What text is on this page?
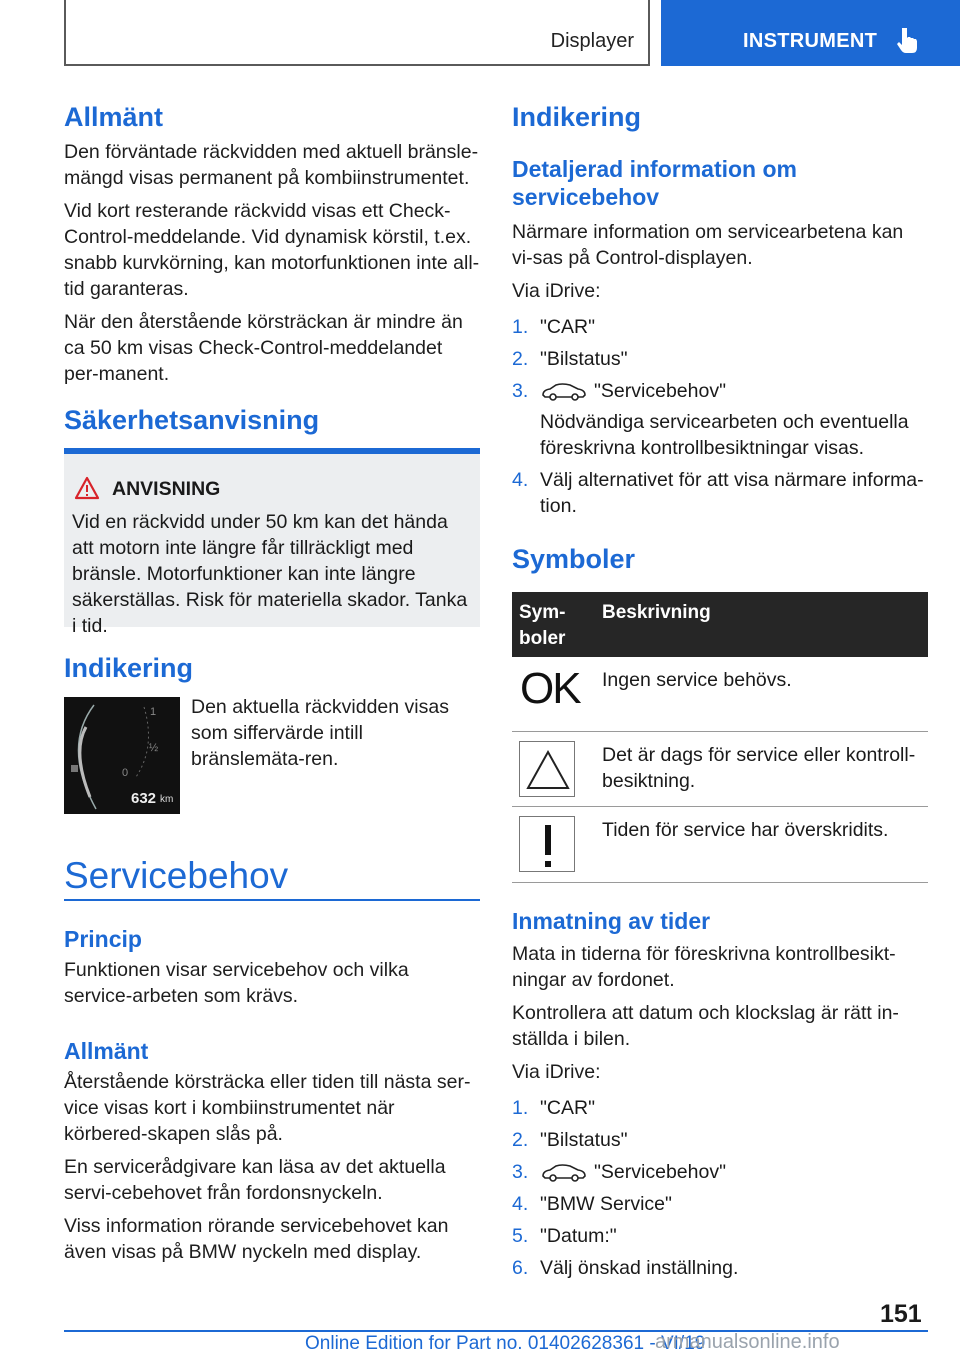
Displayer	INSTRUMENT
Allmänt
Den förväntade räckvidden med aktuell bränsle-mängd visas permanent på kombiinstrumentet.
Vid kort resterande räckvidd visas ett Check-Control-meddelande. Vid dynamisk körstil, t.ex. snabb kurvkörning, kan motorfunktionen inte all-tid garanteras.
När den återstående körsträckan är mindre än ca 50 km visas Check-Control-meddelandet per-manent.
Säkerhetsanvisning
ANVISNING
Vid en räckvidd under 50 km kan det hända att motorn inte längre får tillräckligt med bränsle. Motorfunktioner kan inte längre säkerställas. Risk för materiella skador. Tanka i tid.
Indikering
1
½
0
632 km
Den aktuella räckvidden visas som siffervärde intill bränslemäta-ren.
Servicebehov
Princip
Funktionen visar servicebehov och vilka service-arbeten som krävs.
Allmänt
Återstående körsträcka eller tiden till nästa ser-vice visas kort i kombiinstrumentet när körbered-skapen slås på.
En servicerådgivare kan läsa av det aktuella servi-cebehovet från fordonsnyckeln.
Viss information rörande servicebehovet kan även visas på BMW nyckeln med display.
Indikering
Detaljerad information om servicebehov
Närmare information om servicearbetena kan vi-sas på Control-displayen.
Via iDrive:
1. "CAR"
2. "Bilstatus"
3.	"Servicebehov"
Nödvändiga servicearbeten och eventuella föreskrivna kontrollbesiktningar visas.
4. Välj alternativet för att visa närmare informa-tion.
Symboler
Sym-boler
Beskrivning
OK Ingen service behövs.
Det är dags för service eller kontroll-besiktning.
Tiden för service har överskridits.
Inmatning av tider
Mata in tiderna för föreskrivna kontrollbesikt-ningar av fordonet.
Kontrollera att datum och klockslag är rätt in-ställda i bilen.
Via iDrive:
1. "CAR"
2. "Bilstatus"
3.	"Servicebehov"
4. "BMW Service"
5. "Datum:"
6. Välj önskad inställning.
151
Online Edition for Part no. 01402628361 - VI/19
armanualsonline.info
